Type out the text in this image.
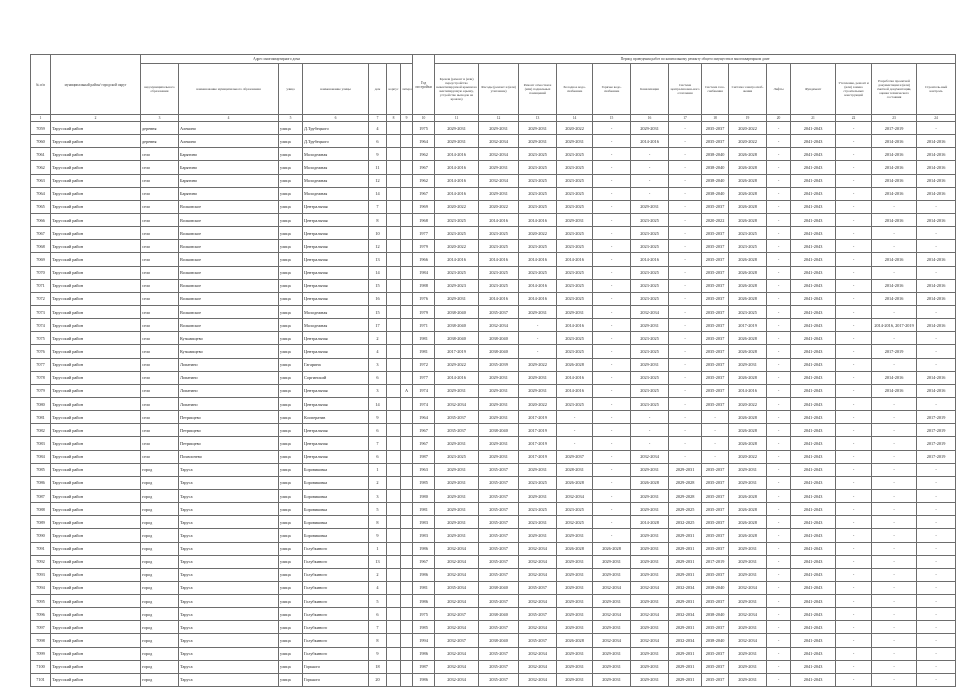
№ п/п	муниципальный район/ городской округ	Адрес многоквартирного дома							Год постройки	Период проведения работ по капитальному ремонту общего имущества в многоквартирном доме													
		вид муниципального образования	наименование муниципального образования	улица	наименование улицы	дом	корпус	литера		Кровля (ремонт и (или) переустройство невентилируемой крыши на вентилируемую крышу, устройство выходов на кровлю)	Фасады (ремонт и (или) утепление)	Ремонт отмостки и (или) подвальных помещений	Холодное водо-снабжение	Горячее водо-снабжение	Канализация	Система централизован-ного отопления	Система газо-снабжения	Система электроснаб-жения	Лифты	Фундамент	Утепление, ремонт и (или) замена строительных конструкций	Разработка проектной документации и (или) сметной документации, оценка технического состояния	Строитель-ный контроль
1	2	3	4	5	6	7	8	9	10	11	12	13	14	15	16	17	18	19	20	21	22	23	24
7059	Тарусский район	деревня	Алекино	улица	Д.Трубецкого	4			1975	2029-2031	2029-2031	2029-2031	2020-2022	-	2029-2031	-	2035-2037	2020-2022	-	2041-2043	-	2017-2019	-
7060	Тарусский район	деревня	Алекино	улица	Д.Трубецкого	6			1964	2029-2031	2032-2034	2029-2031	2029-2031	-	2014-2016	-	2035-2037	2020-2022	-	2041-2043	-	2014-2016	2014-2016
7061	Тарусский район	село	Барятино	улица	Молодежная	9			1962	2014-2016	2032-2034	2023-2025	2023-2025	-	-	-	2038-2040	2026-2028	-	2041-2043	-	2014-2016	2014-2016
7062	Тарусский район	село	Барятино	улица	Молодежная	11			1967	2014-2016	2029-2031	2023-2025	2023-2025	-	-	-	2038-2040	2026-2028	-	2041-2043	-	2014-2016	2014-2016
7063	Тарусский район	село	Барятино	улица	Молодежная	12			1962	2014-2016	2032-2034	2023-2025	2023-2025	-	-	-	2038-2040	2026-2028	-	2041-2043	-	2014-2016	2014-2016
7064	Тарусский район	село	Барятино	улица	Молодежная	14			1967	2014-2016	2029-2031	2023-2025	2023-2025	-	-	-	2038-2040	2026-2028	-	2041-2043	-	2014-2016	2014-2016
7065	Тарусский район	село	Волковское	улица	Центральная	7			1969	2020-2022	2020-2022	2023-2025	2023-2025	-	2029-2031	-	2035-2037	2026-2028	-	2041-2043	-	-	-
7066	Тарусский район	село	Волковское	улица	Центральная	8			1968	2023-2025	2014-2016	2014-2016	2029-2031	-	2023-2025	-	2020-2022	2026-2028	-	2041-2043	-	2014-2016	2014-2016
7067	Тарусский район	село	Волковское	улица	Центральная	10			1977	2023-2025	2023-2025	2020-2022	2023-2025	-	2023-2025	-	2035-2037	2023-2025	-	2041-2043	-	-	-
7068	Тарусский район	село	Волковское	улица	Центральная	12			1979	2020-2022	2023-2025	2023-2025	2023-2025	-	2023-2025	-	2035-2037	2023-2025	-	2041-2043	-	-	-
7069	Тарусский район	село	Волковское	улица	Центральная	13			1966	2014-2016	2014-2016	2014-2016	2014-2016	-	2014-2016	-	2035-2037	2026-2028	-	2041-2043	-	2014-2016	2014-2016
7070	Тарусский район	село	Волковское	улица	Центральная	14			1984	2023-2025	2023-2025	2023-2025	2023-2025	-	2023-2025	-	2035-2037	2026-2028	-	2041-2043	-	-	-
7071	Тарусский район	село	Волковское	улица	Центральная	15			1988	2029-2023	2023-2025	2014-2016	2023-2025	-	2023-2025	-	2035-2037	2026-2028	-	2041-2043	-	2014-2016	2014-2016
7072	Тарусский район	село	Волковское	улица	Центральная	16			1976	2029-2031	2014-2016	2014-2016	2023-2025	-	2023-2025	-	2035-2037	2026-2028	-	2041-2043	-	2014-2016	2014-2016
7073	Тарусский район	село	Волковское	улица	Молодежная	15			1979	2038-2040	2035-2037	2029-2031	2029-2031	-	2032-2034	-	2035-2037	2023-2025	-	2041-2043	-	-	-
7074	Тарусский район	село	Волковское	улица	Молодежная	17			1971	2038-2040	2032-2034	-	2014-2016	-	2029-2031	-	2035-2037	2017-2019	-	2041-2043	-	2014-2016, 2017-2019	2014-2016
7075	Тарусский район	село	Кузьмищево	улица	Центральная	2			1981	2038-2040	2038-2040	-	2023-2025	-	2023-2025	-	2035-2037	2026-2028	-	2041-2043	-	-	-
7076	Тарусский район	село	Кузьмищево	улица	Центральная	4			1981	2017-2019	2038-2040	-	2023-2025	-	2023-2025	-	2035-2037	2026-2028	-	2041-2043	-	2017-2019	-
7077	Тарусский район	село	Лопатино	улица	Гагарина	3			1972	2029-2022	2035-2039	2029-2022	2026-2028	-	2029-2031	-	2035-2037	2029-2031	-	2041-2043	-	-	-
7078	Тарусский район	село	Лопатино	улица	Соргинский	6			1977	2014-2016	2029-2031	2029-2031	2014-2016	-	2023-2025	-	2035-2037	2026-2028	-	2041-2043	-	2014-2016	2014-2016
7079	Тарусский район	село	Лопатино	улица	Центральная	3		А	1974	2029-2031	2029-2031	2029-2031	2014-2016	-	2023-2025	-	2035-2037	2014-2016	-	2041-2043	-	2014-2016	2014-2016
7080	Тарусский район	село	Лопатино	улица	Центральная	14			1974	2032-2034	2029-2031	2020-2022	2023-2025	-	2023-2025	-	2035-2037	2020-2022	-	2041-2043	-	-	-
7081	Тарусский район	село	Петрищево	улица	Кооператив	9			1964	2035-2037	2029-2031	2017-2019	-	-	-	-	-	2026-2028	-	2041-2043	-	-	2017-2019
7082	Тарусский район	село	Петрищево	улица	Центральная	6			1967	2035-2037	2038-2040	2017-2019	-	-	-	-	-	2026-2028	-	2041-2043	-	-	2017-2019
7083	Тарусский район	село	Петрищево	улица	Центральная	7			1967	2029-2031	2029-2031	2017-2019	-	-	-	-	-	2026-2028	-	2041-2043	-	-	2017-2019
7084	Тарусский район	село	Похвиснево	улица	Центральная	6			1987	2023-2025	2029-2031	2017-2019	2029-2037	-	2032-2034	-	-	2020-2022	-	2041-2043	-	-	2017-2019
7085	Тарусский район	город	Таруса	улица	Боровиковка	1			1963	2029-2031	2035-2037	2029-2031	2028-2031	-	2029-2031	2029-2031	2035-2037	2029-2031	-	2041-2043	-	-	-
7086	Тарусский район	город	Таруса	улица	Боровиковка	2			1985	2029-2031	2035-2037	2023-2025	2026-2028	-	2026-2028	2029-2028	2035-2037	2029-2031	-	2041-2043	-	-	-
7087	Тарусский район	город	Таруса	улица	Боровиковка	3			1980	2029-2031	2035-2037	2029-2031	2032-2034	-	2029-2031	2029-2028	2035-2037	2026-2028	-	2041-2043	-	-	-
7088	Тарусский район	город	Таруса	улица	Боровиковка	5			1981	2029-2031	2035-2037	2023-2025	2023-2025	-	2029-2031	2029-2025	2035-2037	2026-2028	-	2041-2043	-	-	-
7089	Тарусский район	город	Таруса	улица	Боровиковка	8			1983	2029-2031	2035-2037	2023-2031	2032-2025	-	2014-2028	2032-2025	2035-2037	2026-2028	-	2041-2043	-	-	-
7090	Тарусский район	город	Таруса	улица	Боровиковка	9			1983	2029-2031	2035-2037	2029-2031	2029-2031	-	2029-2031	2029-2031	2035-2037	2026-2028	-	2041-2043	-	-	-
7091	Тарусский район	город	Таруса	улица	Голубкиного	1			1986	2032-2034	2035-2037	2032-2034	2026-2028	2026-2028	2029-2031	2029-2031	2035-2037	2029-2031	-	2041-2043	-	-	-
7092	Тарусский район	город	Таруса	улица	Голубкиного	13			1967	2032-2034	2035-2037	2032-2034	2029-2031	2029-2031	2029-2031	2029-2031	2017-2019	2029-2031	-	2041-2043	-	-	-
7093	Тарусский район	город	Таруса	улица	Голубкиного	2			1986	2032-2034	2035-2037	2032-2034	2029-2031	2029-2031	2029-2031	2029-2031	2035-2037	2029-2031	-	2041-2043	-	-	-
7094	Тарусский район	город	Таруса	улица	Голубкиного	4			1981	2035-2034	2038-2040	2035-2037	2029-2031	2032-2034	2032-2034	2032-2034	2038-2040	2032-2034	-	2041-2043	-	-	-
7095	Тарусский район	город	Таруса	улица	Голубкиного	5			1986	2032-2034	2035-2037	2032-2034	2029-2031	2029-2031	2029-2031	2029-2031	2035-2037	2029-2031	-	2041-2043	-	-	-
7096	Тарусский район	город	Таруса	улица	Голубкиного	6			1975	2032-2037	2038-2040	2035-2037	2029-2031	2032-2034	2032-2034	2032-2034	2038-2040	2032-2034	-	2041-2043	-	-	-
7097	Тарусский район	город	Таруса	улица	Голубкиного	7			1985	2032-2034	2035-2037	2032-2034	2029-2031	2029-2031	2029-2031	2029-2031	2035-2037	2029-2031	-	2041-2043	-	-	-
7098	Тарусский район	город	Таруса	улица	Голубкиного	8			1994	2032-2037	2038-2040	2035-2037	2026-2028	2032-2034	2032-2034	2032-2034	2038-2040	2032-2034	-	2041-2043	-	-	-
7099	Тарусский район	город	Таруса	улица	Голубкиного	9			1986	2032-2034	2035-2037	2032-2034	2029-2031	2029-2031	2029-2031	2029-2031	2035-2037	2029-2031	-	2041-2043	-	-	-
7100	Тарусский район	город	Таруса	улица	Горького	18			1987	2032-2034	2035-2037	2032-2034	2029-2031	2029-2031	2029-2031	2029-2031	2035-2037	2029-2031	-	2041-2043	-	-	-
7101	Тарусский район	город	Таруса	улица	Горького	20			1986	2032-2034	2035-2037	2032-2034	2029-2031	2029-2031	2029-2031	2029-2031	2035-2037	2029-2031	-	2041-2043	-	-	-
